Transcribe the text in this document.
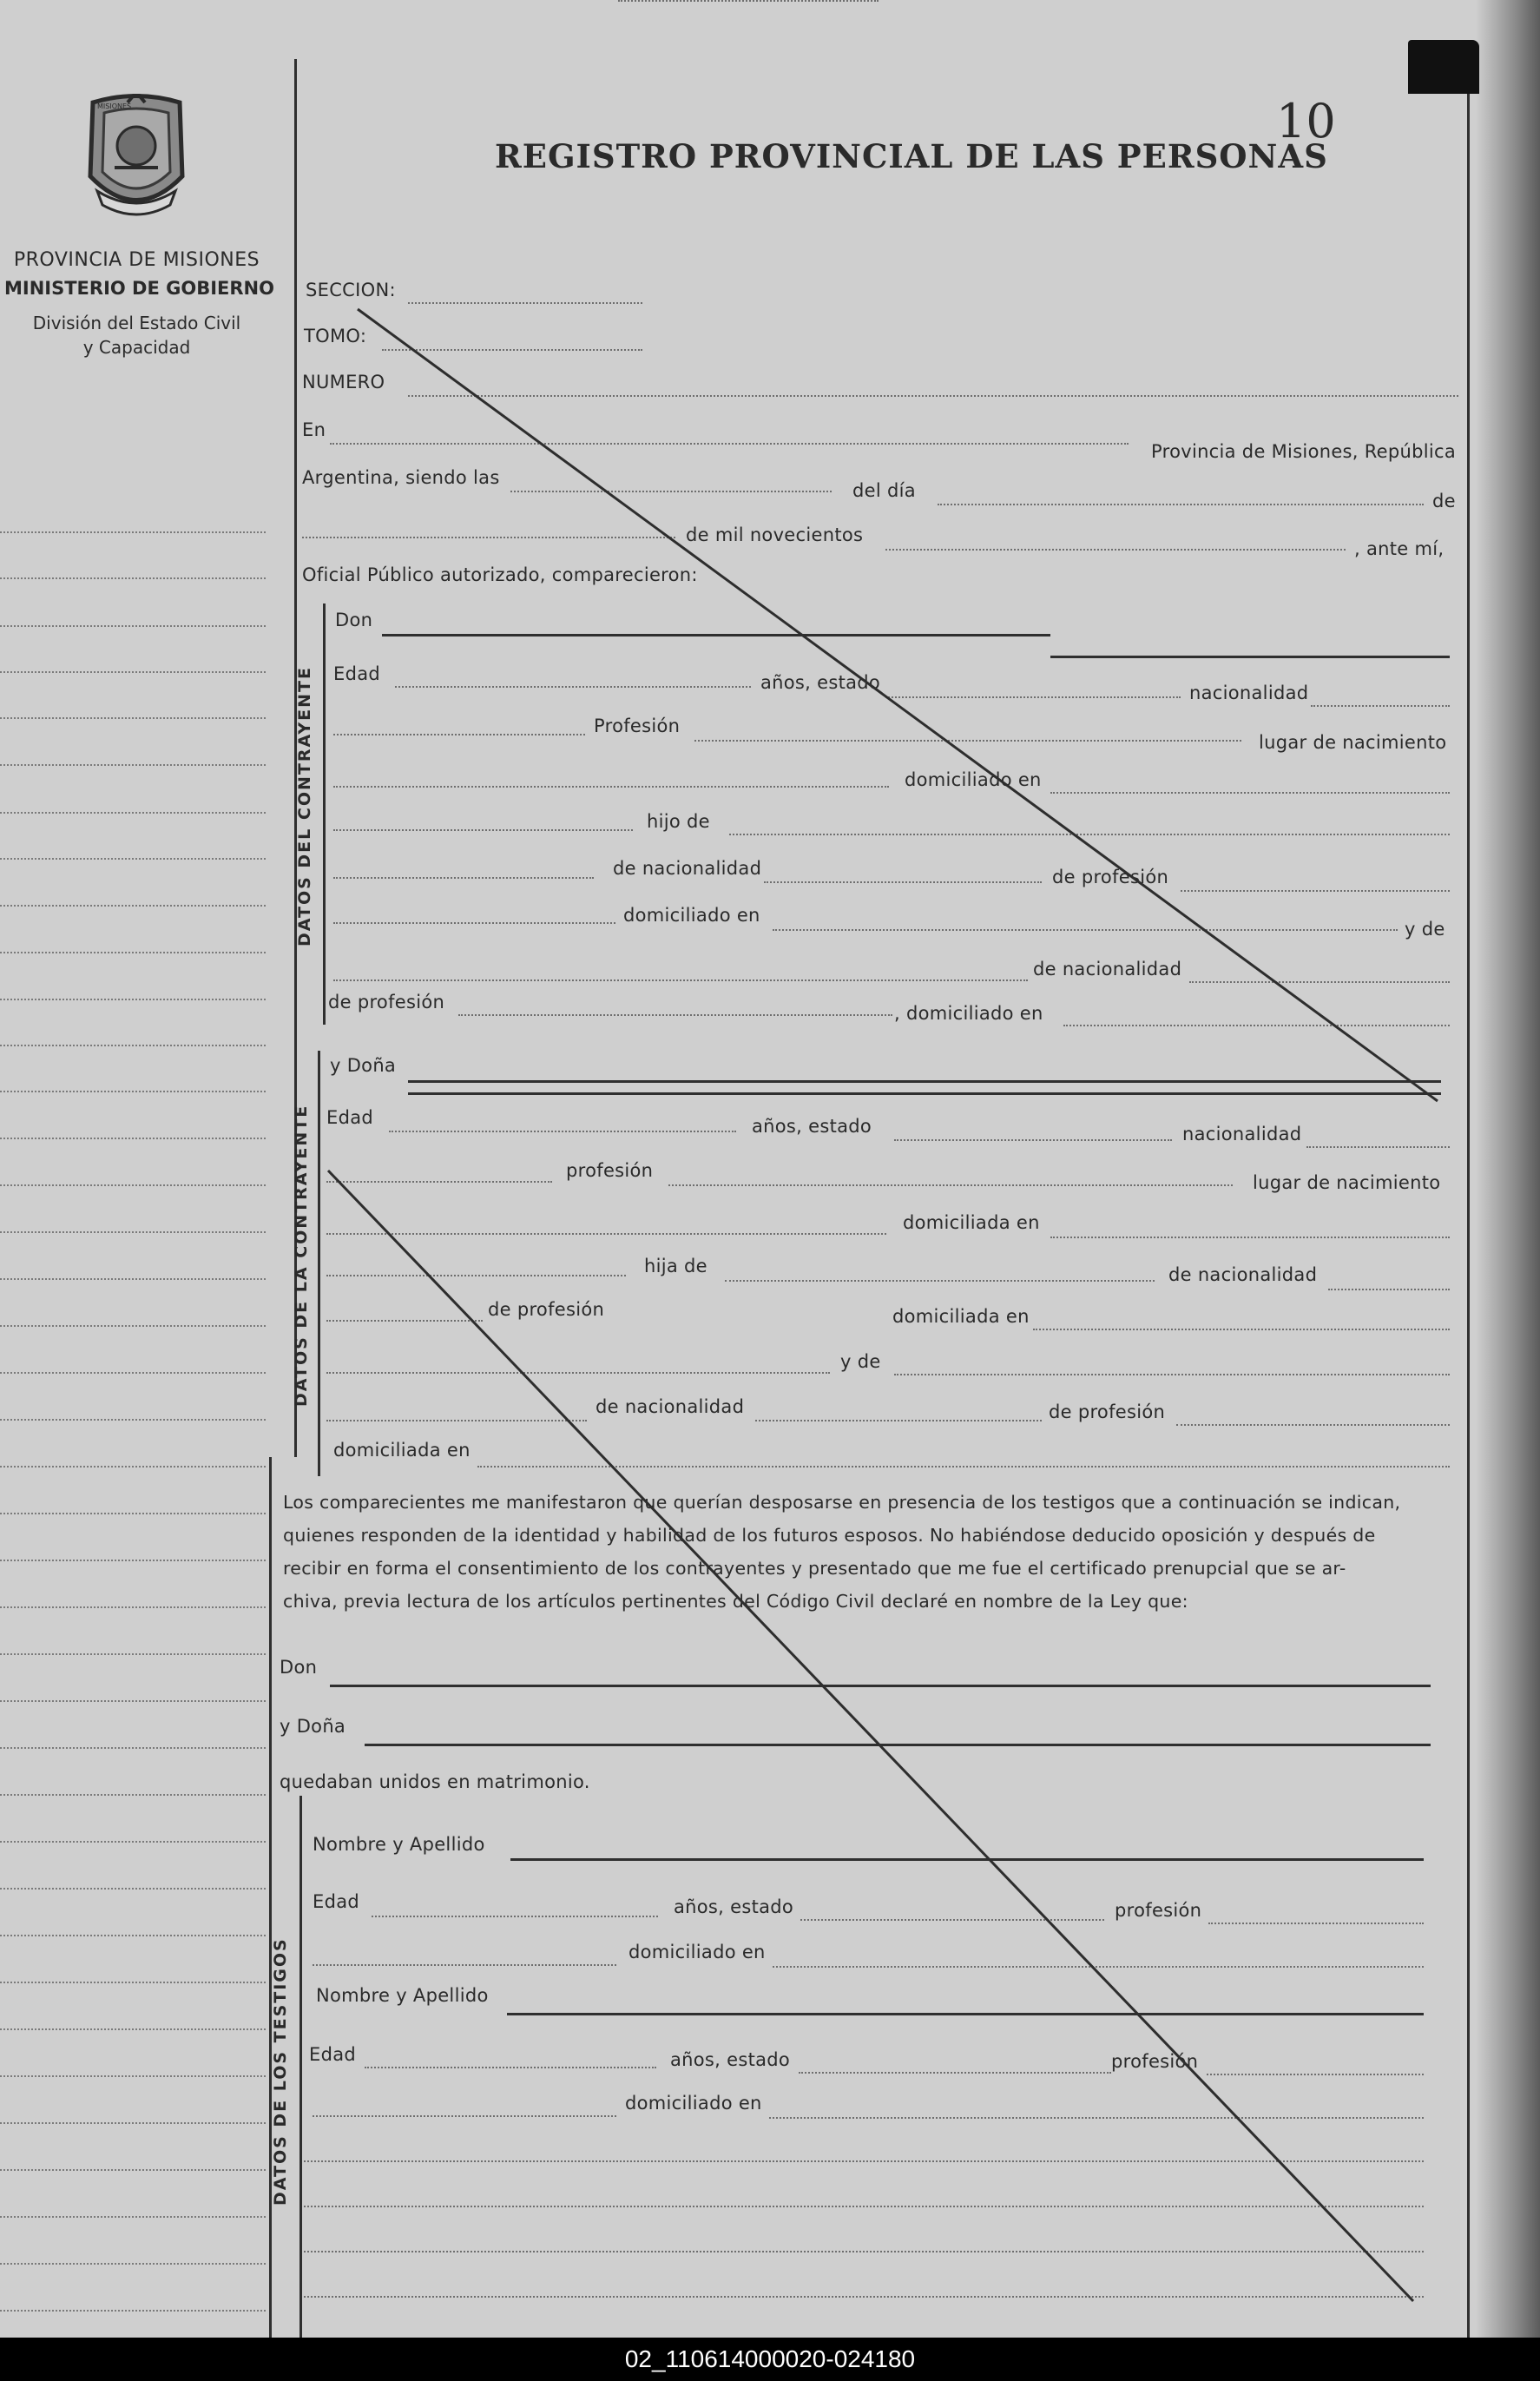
MISIONES
PROVINCIA DE MISIONES
MINISTERIO DE GOBIERNO
División del Estado Civil
y Capacidad
10
REGISTRO PROVINCIAL DE LAS PERSONAS
SECCION:
TOMO:
NUMERO
En
Provincia de Misiones, República
Argentina, siendo las
del día	de
de mil novecientos
, ante mí,
Oficial Público autorizado, comparecieron:
DATOS DEL CONTRAYENTE
Don
Edad	años, estado	nacionalidad
Profesión
lugar de nacimiento
domiciliado en
hijo de
de nacionalidad	de profesión
domiciliado en
y de
de nacionalidad
de profesión
, domiciliado en
DATOS DE LA CONTRAYENTE
y Doña
Edad	años, estado	nacionalidad
profesión
lugar de nacimiento
domiciliada en
hija de	de nacionalidad
de profesión	domiciliada en
y de
de nacionalidad	de profesión
domiciliada en
Los comparecientes me manifestaron que querían desposarse en presencia de los testigos que a continuación se indican,
quienes responden de la identidad y habilidad de los futuros esposos. No habiéndose deducido oposición y después de
recibir en forma el consentimiento de los contrayentes y presentado que me fue el certificado prenupcial que se ar-
chiva, previa lectura de los artículos pertinentes del Código Civil declaré en nombre de la Ley que:
Don
y Doña
quedaban unidos en matrimonio.
DATOS DE LOS TESTIGOS
Nombre y Apellido
Edad	años, estado	profesión
domiciliado en
Nombre y Apellido
Edad	años, estado	profesión
domiciliado en
02_110614000020-024180
